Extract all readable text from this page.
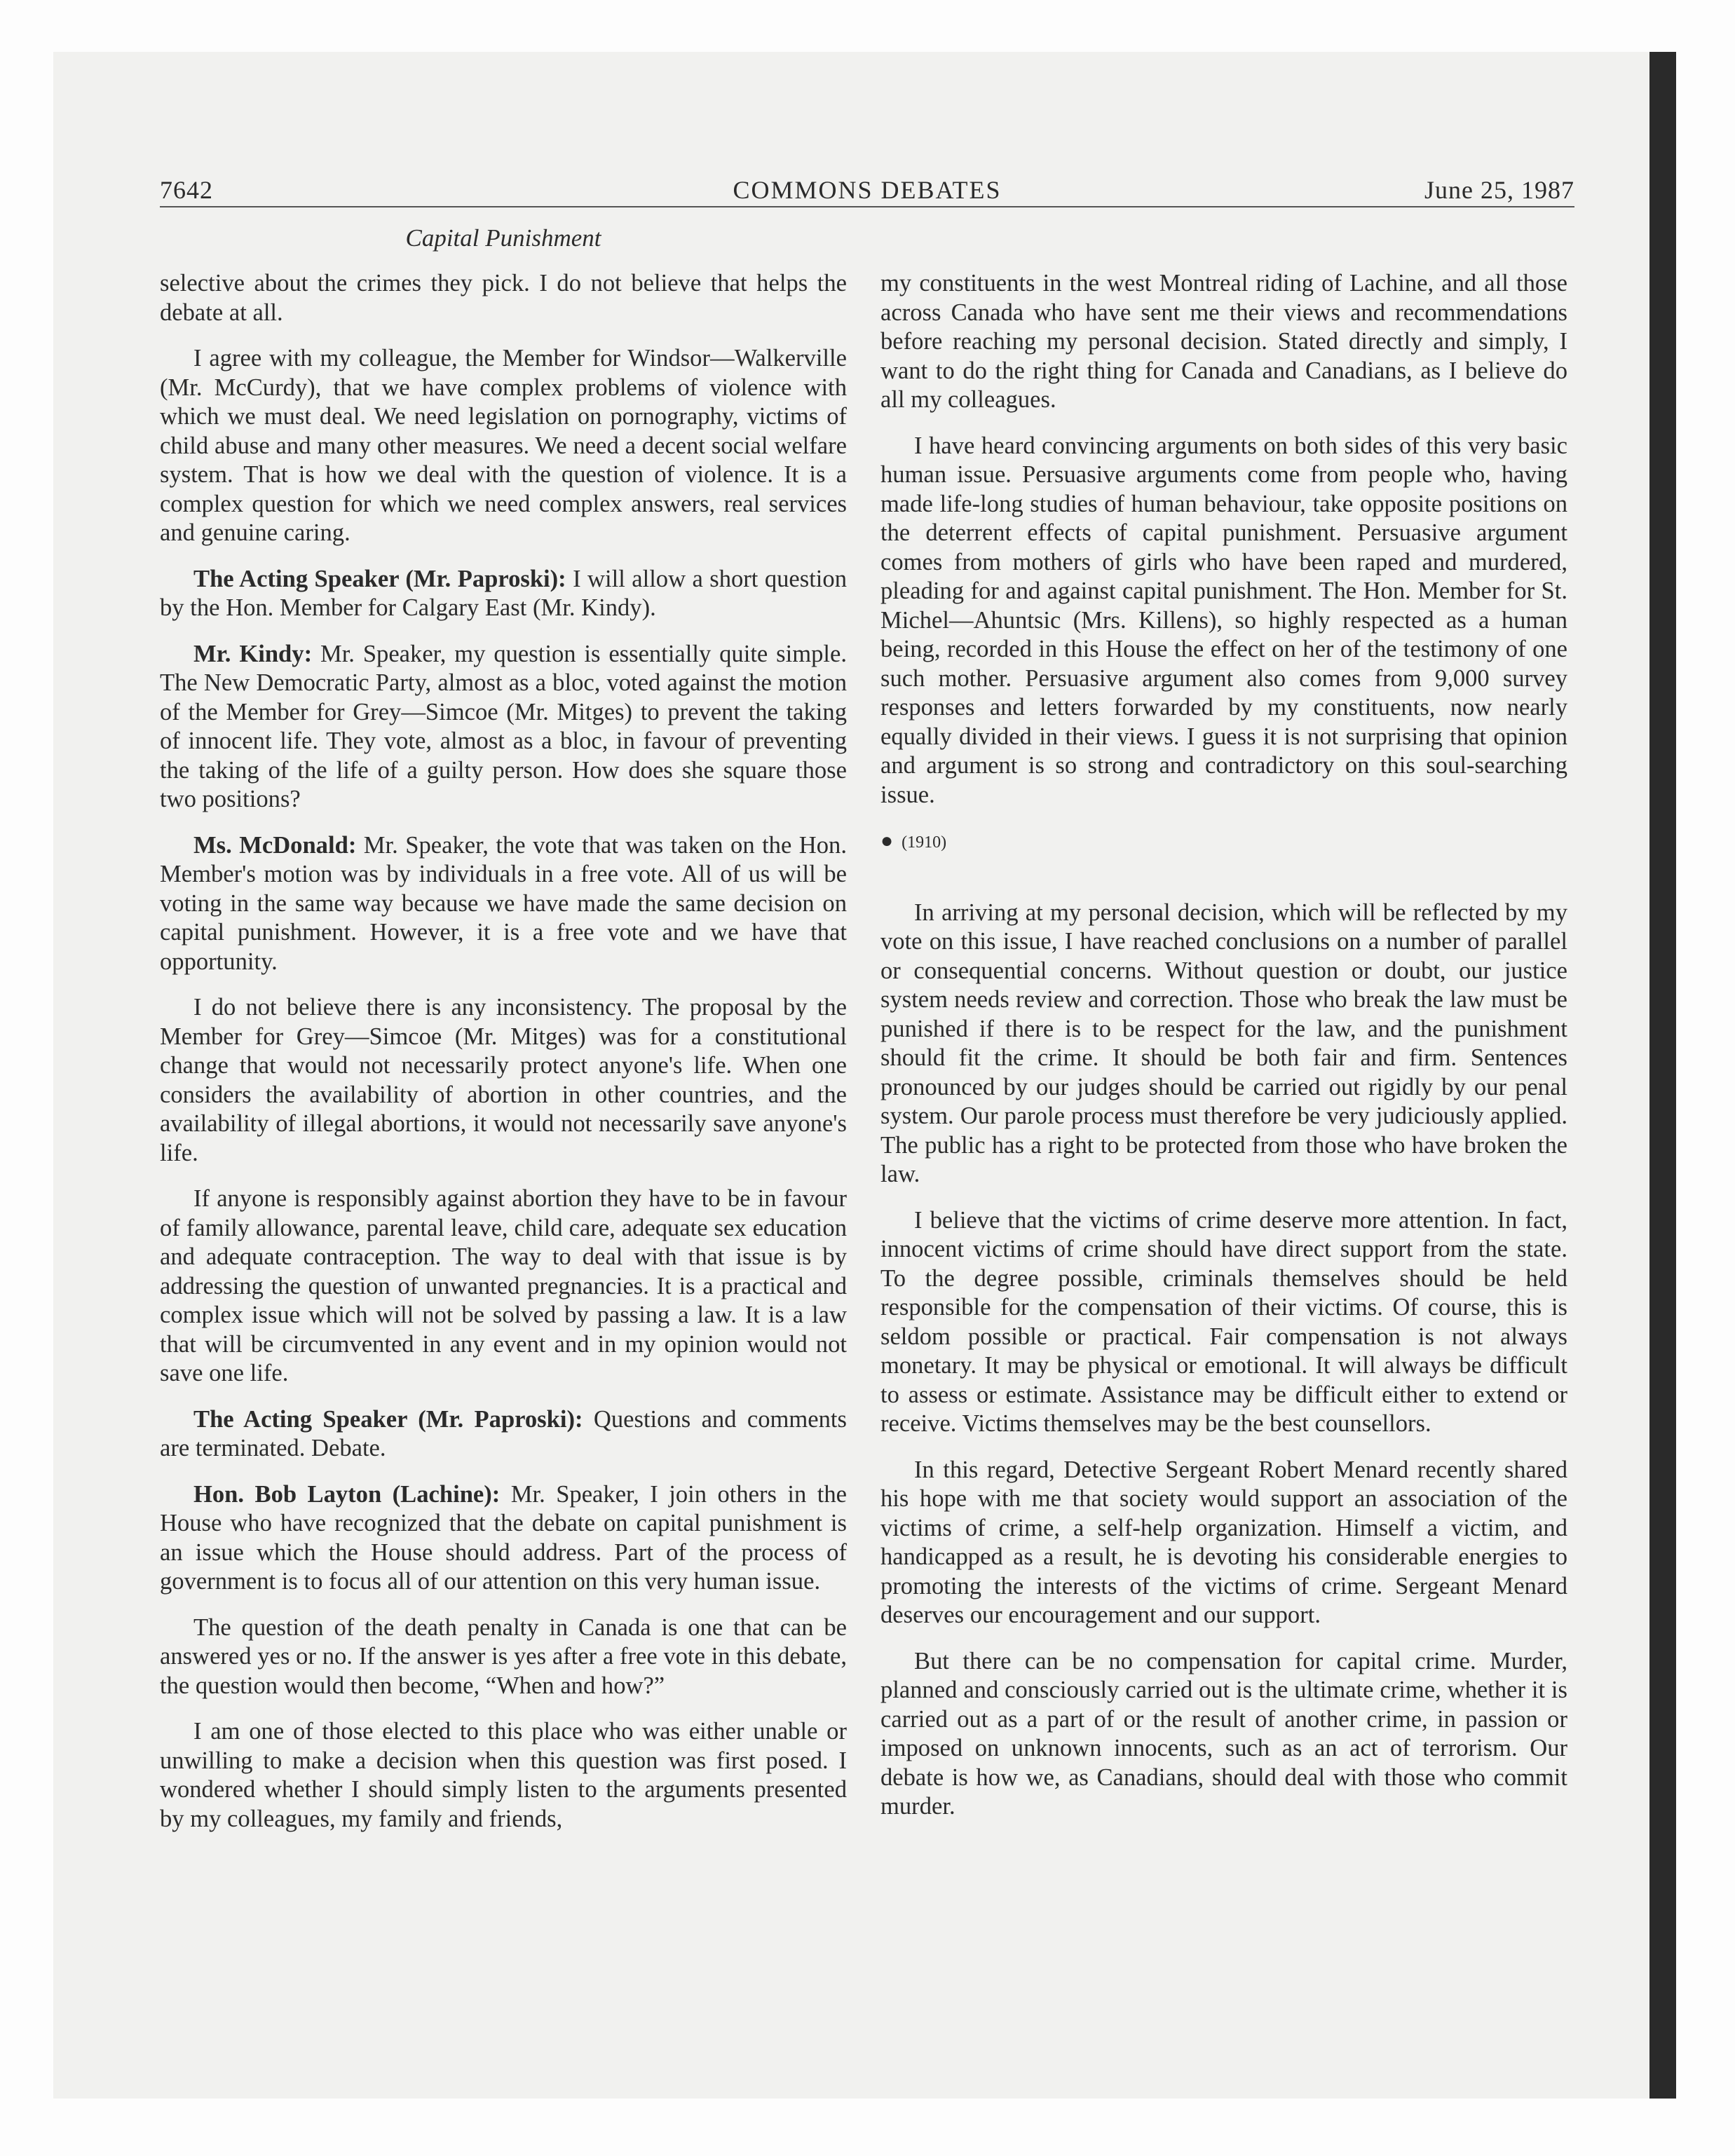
7642	COMMONS DEBATES	June 25, 1987
Capital Punishment

selective about the crimes they pick. I do not believe that helps the debate at all.

I agree with my colleague, the Member for Windsor—Walkerville (Mr. McCurdy), that we have complex problems of violence with which we must deal. We need legislation on pornography, victims of child abuse and many other measures. We need a decent social welfare system. That is how we deal with the question of violence. It is a complex question for which we need complex answers, real services and genuine caring.

The Acting Speaker (Mr. Paproski): I will allow a short question by the Hon. Member for Calgary East (Mr. Kindy).

Mr. Kindy: Mr. Speaker, my question is essentially quite simple. The New Democratic Party, almost as a bloc, voted against the motion of the Member for Grey—Simcoe (Mr. Mitges) to prevent the taking of innocent life. They vote, almost as a bloc, in favour of preventing the taking of the life of a guilty person. How does she square those two positions?

Ms. McDonald: Mr. Speaker, the vote that was taken on the Hon. Member's motion was by individuals in a free vote. All of us will be voting in the same way because we have made the same decision on capital punishment. However, it is a free vote and we have that opportunity.

I do not believe there is any inconsistency. The proposal by the Member for Grey—Simcoe (Mr. Mitges) was for a constitutional change that would not necessarily protect anyone's life. When one considers the availability of abortion in other countries, and the availability of illegal abortions, it would not necessarily save anyone's life.

If anyone is responsibly against abortion they have to be in favour of family allowance, parental leave, child care, adequate sex education and adequate contraception. The way to deal with that issue is by addressing the question of unwanted pregnancies. It is a practical and complex issue which will not be solved by passing a law. It is a law that will be circumvented in any event and in my opinion would not save one life.

The Acting Speaker (Mr. Paproski): Questions and comments are terminated. Debate.

Hon. Bob Layton (Lachine): Mr. Speaker, I join others in the House who have recognized that the debate on capital punishment is an issue which the House should address. Part of the process of government is to focus all of our attention on this very human issue.

The question of the death penalty in Canada is one that can be answered yes or no. If the answer is yes after a free vote in this debate, the question would then become, “When and how?”

I am one of those elected to this place who was either unable or unwilling to make a decision when this question was first posed. I wondered whether I should simply listen to the arguments presented by my colleagues, my family and friends,

my constituents in the west Montreal riding of Lachine, and all those across Canada who have sent me their views and recommendations before reaching my personal decision. Stated directly and simply, I want to do the right thing for Canada and Canadians, as I believe do all my colleagues.

I have heard convincing arguments on both sides of this very basic human issue. Persuasive arguments come from people who, having made life-long studies of human behaviour, take opposite positions on the deterrent effects of capital punishment. Persuasive argument comes from mothers of girls who have been raped and murdered, pleading for and against capital punishment. The Hon. Member for St. Michel—Ahuntsic (Mrs. Killens), so highly respected as a human being, recorded in this House the effect on her of the testimony of one such mother. Persuasive argument also comes from 9,000 survey responses and letters forwarded by my constituents, now nearly equally divided in their views. I guess it is not surprising that opinion and argument is so strong and contradictory on this soul-searching issue.

● (1910)

In arriving at my personal decision, which will be reflected by my vote on this issue, I have reached conclusions on a number of parallel or consequential concerns. Without question or doubt, our justice system needs review and correction. Those who break the law must be punished if there is to be respect for the law, and the punishment should fit the crime. It should be both fair and firm. Sentences pronounced by our judges should be carried out rigidly by our penal system. Our parole process must therefore be very judiciously applied. The public has a right to be protected from those who have broken the law.

I believe that the victims of crime deserve more attention. In fact, innocent victims of crime should have direct support from the state. To the degree possible, criminals themselves should be held responsible for the compensation of their victims. Of course, this is seldom possible or practical. Fair compensation is not always monetary. It may be physical or emotional. It will always be difficult to assess or estimate. Assistance may be difficult either to extend or receive. Victims themselves may be the best counsellors.

In this regard, Detective Sergeant Robert Menard recently shared his hope with me that society would support an association of the victims of crime, a self-help organization. Himself a victim, and handicapped as a result, he is devoting his considerable energies to promoting the interests of the victims of crime. Sergeant Menard deserves our encouragement and our support.

But there can be no compensation for capital crime. Murder, planned and consciously carried out is the ultimate crime, whether it is carried out as a part of or the result of another crime, in passion or imposed on unknown innocents, such as an act of terrorism. Our debate is how we, as Canadians, should deal with those who commit murder.
